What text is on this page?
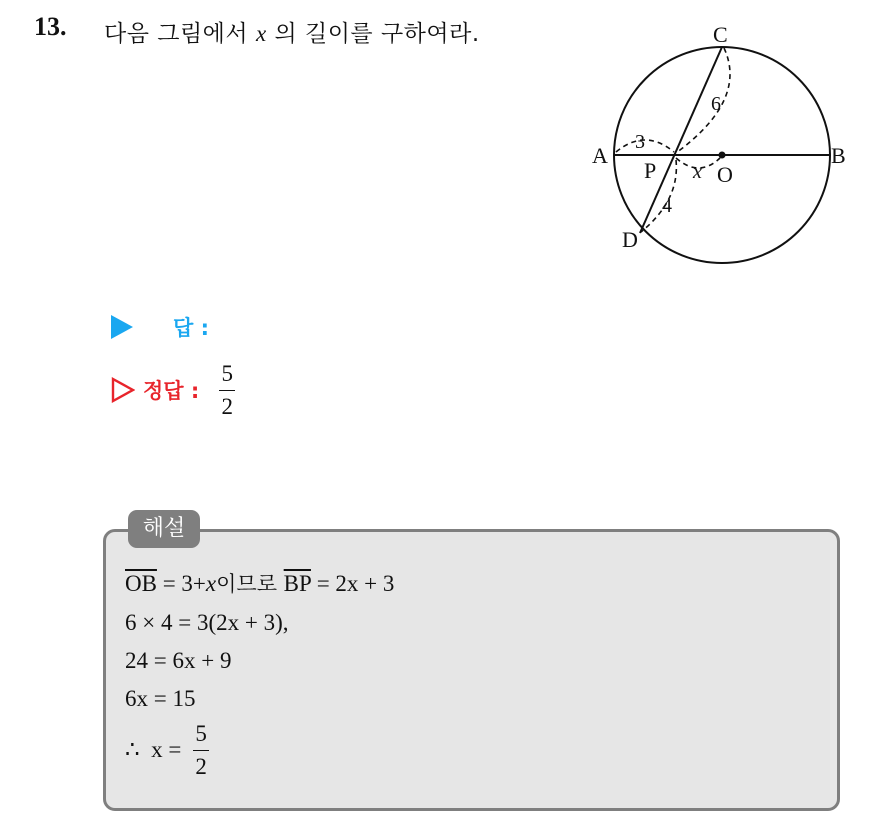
13. 다음 그림에서 x 의 길이를 구하여라.	C
A	B
D
P	O
3
6
4
x
답 :
정답 : $\frac{5}{2}$
해설
$\overline{OB} = 3+x$이므로 $\overline{BP} = 2x + 3$
6 × 4 = 3(2x + 3),
24 = 6x + 9
6x = 15
∴  $x = \frac{5}{2}$
